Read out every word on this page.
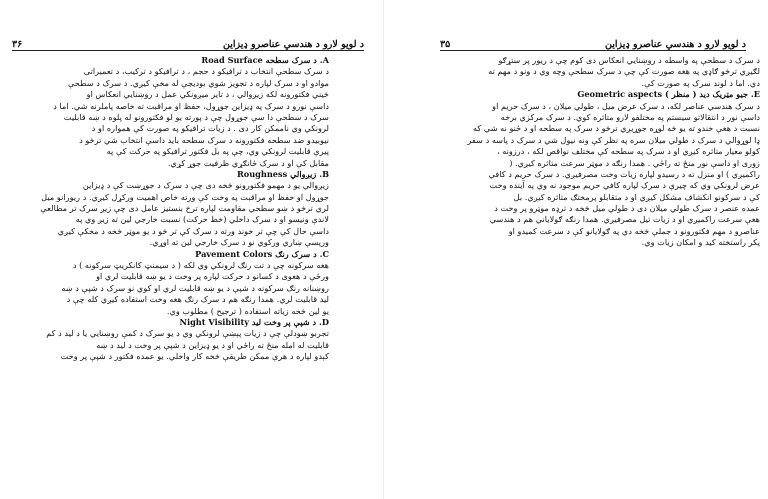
۳۶	د لویو لارو د هندسي عناصرو ډیزاین
A. د سرک سطحه Road Surface
د سرک سطحې انتخاب د ترافیکو د حجم ، د ترافیکو د ترکیب، د تعمیراتی
موادو او د سرک لپاره د تجویز شوي بودیجې له مخې کیږي. د سرک د سطحې
څیني فکتورونه لکه زیږوالي ، د تایر میږونکي عمل د روښنایي انعکاس او
داسې نورو د سرک په ډیزاین جوړول، حفظ او مراقبت ته خاصه پاملرنه شي. اما د
سرک د سطحې دا سې جوړول چې د پورته یو لو فکتورونو له پلوه د ښه قابلیت
لرونکي وي ناممکن کار دی . د زیات ترافیکو په صورت کې همواره او د
نیوبیدو ضد سطحه فکتورونه د سرک سطحه باید داسې انتخاب شي ترڅو د
پیرې قابلیت لرونکي وي، چې په بل فکتور ترافیکو په حرکت کې په
مقابل کې او د سرک ځانګړي ظرفیت جوړ کړي.
B. زیږوالي Roughness
زیږوالي یو د مهمو فکتورونو څخه دی چې د سرک د جوړښت کې د ډیزاین
جوړول او حفظ او مراقبت په وخت کې ورته خاص اهمیت ورکړل کیږي. د ریورانو میل
لري ترڅو د ښو سطحي مقاومت لپاره ترخ بنستیز عامل دی چې زیږ سرک تر مطالعې
لاندې ونیسو او د سرک داخلي (خط حرکت) نسبت خارجي لین ته زیږ وي په
داسې حال کې چې تر خوند ورته د سرک کې تر څو د یو موټر څخه د مخکې کیږي
ورپسې ښاري ورکوي نو د سرک خارجي لین ته اوړي.
C. د سرک رنګ Pavement Colors
هغه سرکونه چې د تت رنګ لرونکي وي لکه ( د سیمنټ کانکریټ سرکونه ) د
ورځې د هغوی د کسانو د حرکت لپاره پر وخت د یو ښه قابلیت لري او
روښنانه رنګ سرکونه د شپې د یو ښه قابلیت لري او کوي نو سرک د شپې د ښه
لید قابلیت لري. همدا رنګه هم د سرک رنګ هغه وخت استفاده کیږي کله چې د
یو لین څخه زیاته استفاده ( ترجیح ) مطلوب وي.
D. د شپې پر وخت لید Night Visibility
تجربو ښودلې چې د زیات پېښې لرونکي وي د یو سرک د کمې روښنایي یا د لید د کم
قابلیت له امله منځ ته راځي او د یو ډیزاین د شپې پر وخت د لید د ښه
کېدو لپاره د هرې ممکن طریقې څخه کار واخلي. یو عمده فکتور د شپې پر وخت
۳۵	د لویو لارو د هندسي عناصرو ډیزاین
د سرک د سطحې په واسطه د روښنایي انعکاس دی کوم چې د ریور پر ستړګو
لګیږي ترڅو ګاډي په هغه صورت کې چې د سرک سطحې وچه وي د ونو د مهم ته
دي. اما د لوند سرک په صورت کې.
E. جیو مټریک دید ( منظر ) Geometric aspects
د سرک هندسي عناصر لکه، د سرک عرض میل ، طولي میلان ، د سرک حریم او
داسې نور د انتقالاتو سیستم په مختلفو لارو متاثره کوي. د سرک مرکزي برخه
نسبت د هغې خندو ته یو څه لوړه جوړیږي ترڅو د سرک په سطحه او د ځنو نه شي که
ډا لوړوالي د سرک د طولي میلان سره په نظر کې ونه نیول شي د سرک د پاسه د سفر
کولو معیار متاثره کیږي او د سرک په سطحه کې مختلف نواقص لکه ، درزونه ،
زوری او داسې نور منځ ته راځي . همدا رنګه د موټر سرعت متاثره کیږي. (
راکمیږي ) او منزل ته د رسیدو لپاره زیات وخت مصرفیږي. د سرک حریم د کافي
عرض لرونکي وي که چیرې د سرک لپاره کافي حریم موجود نه وي په آینده وخت
کې د سرکونو انکشاف مشکل کیږي او د متقابلو پرمختګ متاثره کیږي. بل
عمده عنصر د سرک طولي میلان دی د طولي میل څخه د ترډه موټرو پر وخت د
هغې سرعت راکمیږي او د زیات تیل مصرفیږي. همدا رنګه ګولایاني هم د هندسي
عناصرو د مهم فکتورونو د جملې څخه دي په ګولایانو کې د سرعت کمیدو او
پکر راستخته کید و امکان زیات وي.
